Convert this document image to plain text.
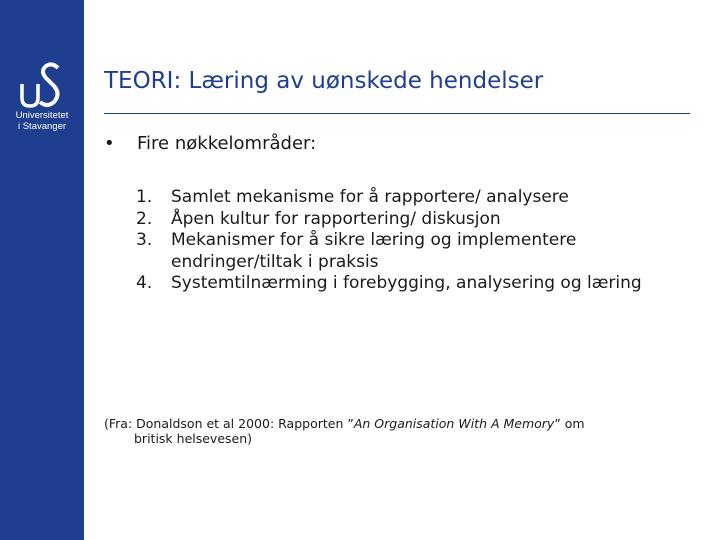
Universitetet
i Stavanger
TEORI: Læring av uønskede hendelser
• Fire nøkkelområder:
1. Samlet mekanisme for å rapportere/ analysere
2. Åpen kultur for rapportering/ diskusjon
3. Mekanismer for å sikre læring og implementere endringer/tiltak i praksis
4. Systemtilnærming i forebygging, analysering og læring
(Fra: Donaldson et al 2000: Rapporten ”An Organisation With A Memory” om
britisk helsevesen)
